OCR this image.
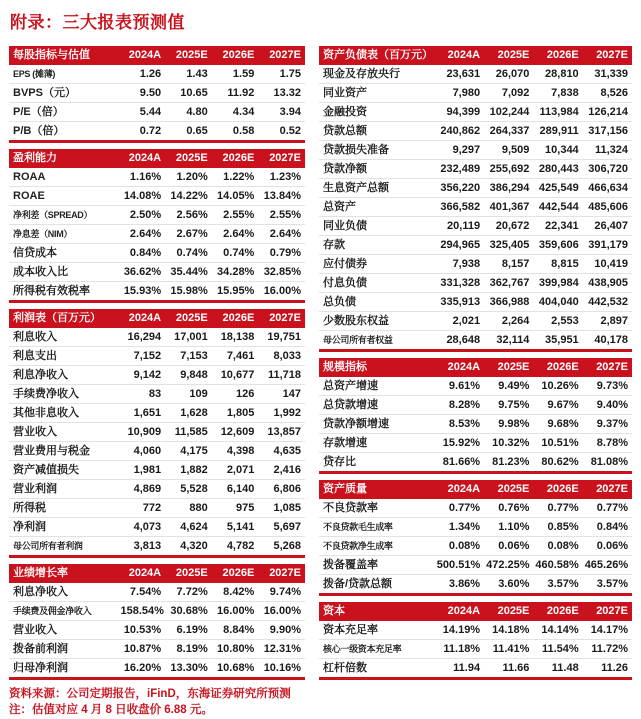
附录：三大报表预测值
每股指标与估值	2024A	2025E	2026E	2027E
EPS (摊薄)	1.26	1.43	1.59	1.75
BVPS（元）	9.50	10.65	11.92	13.32
P/E（倍）	5.44	4.80	4.34	3.94
P/B（倍）	0.72	0.65	0.58	0.52
盈利能力	2024A	2025E	2026E	2027E
ROAA	1.16%	1.20%	1.22%	1.23%
ROAE	14.08%	14.22%	14.05%	13.84%
净利差（SPREAD）	2.50%	2.56%	2.55%	2.55%
净息差（NIM）	2.64%	2.67%	2.64%	2.64%
信贷成本	0.84%	0.74%	0.74%	0.79%
成本收入比	36.62%	35.44%	34.28%	32.85%
所得税有效税率	15.93%	15.98%	15.95%	16.00%
利润表（百万元）	2024A	2025E	2026E	2027E
利息收入	16,294	17,001	18,138	19,751
利息支出	7,152	7,153	7,461	8,033
利息净收入	9,142	9,848	10,677	11,718
手续费净收入	83	109	126	147
其他非息收入	1,651	1,628	1,805	1,992
营业收入	10,909	11,585	12,609	13,857
营业费用与税金	4,060	4,175	4,398	4,635
资产减值损失	1,981	1,882	2,071	2,416
营业利润	4,869	5,528	6,140	6,806
所得税	772	880	975	1,085
净利润	4,073	4,624	5,141	5,697
母公司所有者利润	3,813	4,320	4,782	5,268
业绩增长率	2024A	2025E	2026E	2027E
利息净收入	7.54%	7.72%	8.42%	9.74%
手续费及佣金净收入	158.54%	30.68%	16.00%	16.00%
营业收入	10.53%	6.19%	8.84%	9.90%
拨备前利润	10.87%	8.19%	10.80%	12.31%
归母净利润	16.20%	13.30%	10.68%	10.16%
资料来源：公司定期报告，iFinD，东海证券研究所预测
注：估值对应 4 月 8 日收盘价 6.88 元。
资产负债表（百万元）	2024A	2025E	2026E	2027E
现金及存放央行	23,631	26,070	28,810	31,339
同业资产	7,980	7,092	7,838	8,526
金融投资	94,399	102,244	113,984	126,214
贷款总额	240,862	264,337	289,911	317,156
贷款损失准备	9,297	9,509	10,344	11,324
贷款净额	232,489	255,692	280,443	306,720
生息资产总额	356,220	386,294	425,549	466,634
总资产	366,582	401,367	442,544	485,606
同业负债	20,119	20,672	22,341	26,407
存款	294,965	325,405	359,606	391,179
应付债券	7,938	8,157	8,815	10,419
付息负债	331,328	362,767	399,984	438,905
总负债	335,913	366,988	404,040	442,532
少数股东权益	2,021	2,264	2,553	2,897
母公司所有者权益	28,648	32,114	35,951	40,178
规模指标	2024A	2025E	2026E	2027E
总资产增速	9.61%	9.49%	10.26%	9.73%
总贷款增速	8.28%	9.75%	9.67%	9.40%
贷款净额增速	8.53%	9.98%	9.68%	9.37%
存款增速	15.92%	10.32%	10.51%	8.78%
贷存比	81.66%	81.23%	80.62%	81.08%
资产质量	2024A	2025E	2026E	2027E
不良贷款率	0.77%	0.76%	0.77%	0.77%
不良贷款毛生成率	1.34%	1.10%	0.85%	0.84%
不良贷款净生成率	0.08%	0.06%	0.08%	0.06%
拨备覆盖率	500.51%	472.25%	460.58%	465.26%
拨备/贷款总额	3.86%	3.60%	3.57%	3.57%
资本	2024A	2025E	2026E	2027E
资本充足率	14.19%	14.18%	14.14%	14.17%
核心一级资本充足率	11.18%	11.41%	11.54%	11.72%
杠杆倍数	11.94	11.66	11.48	11.26
